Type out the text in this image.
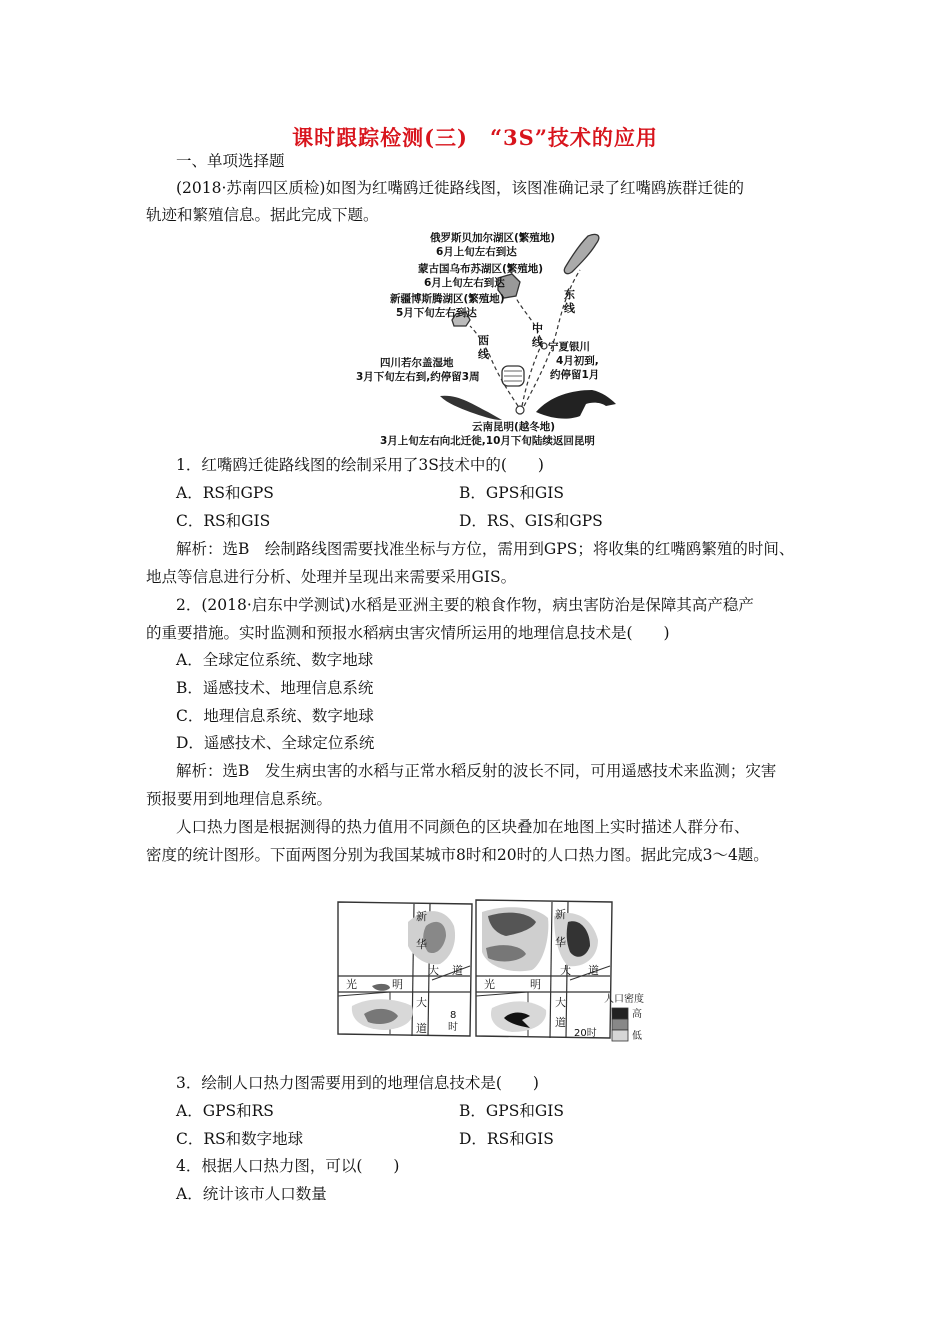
课时跟踪检测(三)　“3S”技术的应用
一、单项选择题
(2018·苏南四区质检)如图为红嘴鸥迁徙路线图，该图准确记录了红嘴鸥族群迁徙的
轨迹和繁殖信息。据此完成下题。
俄罗斯贝加尔湖区(繁殖地)
6月上旬左右到达
蒙古国乌布苏湖区(繁殖地)
6月上旬左右到达
新疆博斯腾湖区(繁殖地)
5月下旬左右到达
四川若尔盖湿地
3月下旬左右到,约停留3周
宁夏银川
4月初到,
约停留1月
云南昆明(越冬地)
3月上旬左右向北迁徙,10月下旬陆续返回昆明
西
线
中
线
东
线
1．红嘴鸥迁徙路线图的绘制采用了3S技术中的(　　)
A．RS和GPS	B．GPS和GIS
C．RS和GIS	D．RS、GIS和GPS
解析：选B　绘制路线图需要找准坐标与方位，需用到GPS；将收集的红嘴鸥繁殖的时间、
地点等信息进行分析、处理并呈现出来需要采用GIS。
2．(2018·启东中学测试)水稻是亚洲主要的粮食作物，病虫害防治是保障其高产稳产
的重要措施。实时监测和预报水稻病虫害灾情所运用的地理信息技术是(　　)
A．全球定位系统、数字地球
B．遥感技术、地理信息系统
C．地理信息系统、数字地球
D．遥感技术、全球定位系统
解析：选B　发生病虫害的水稻与正常水稻反射的波长不同，可用遥感技术来监测；灾害
预报要用到地理信息系统。
人口热力图是根据测得的热力值用不同颜色的区块叠加在地图上实时描述人群分布、
密度的统计图形。下面两图分别为我国某城市8时和20时的人口热力图。据此完成3～4题。
新
华
大 道
光	明
大
道
8
时
新
华
大 道
光	明
大
道
20时
人口密度
高
低
3．绘制人口热力图需要用到的地理信息技术是(　　)
A．GPS和RS	B．GPS和GIS
C．RS和数字地球	D．RS和GIS
4．根据人口热力图，可以(　　)
A．统计该市人口数量
